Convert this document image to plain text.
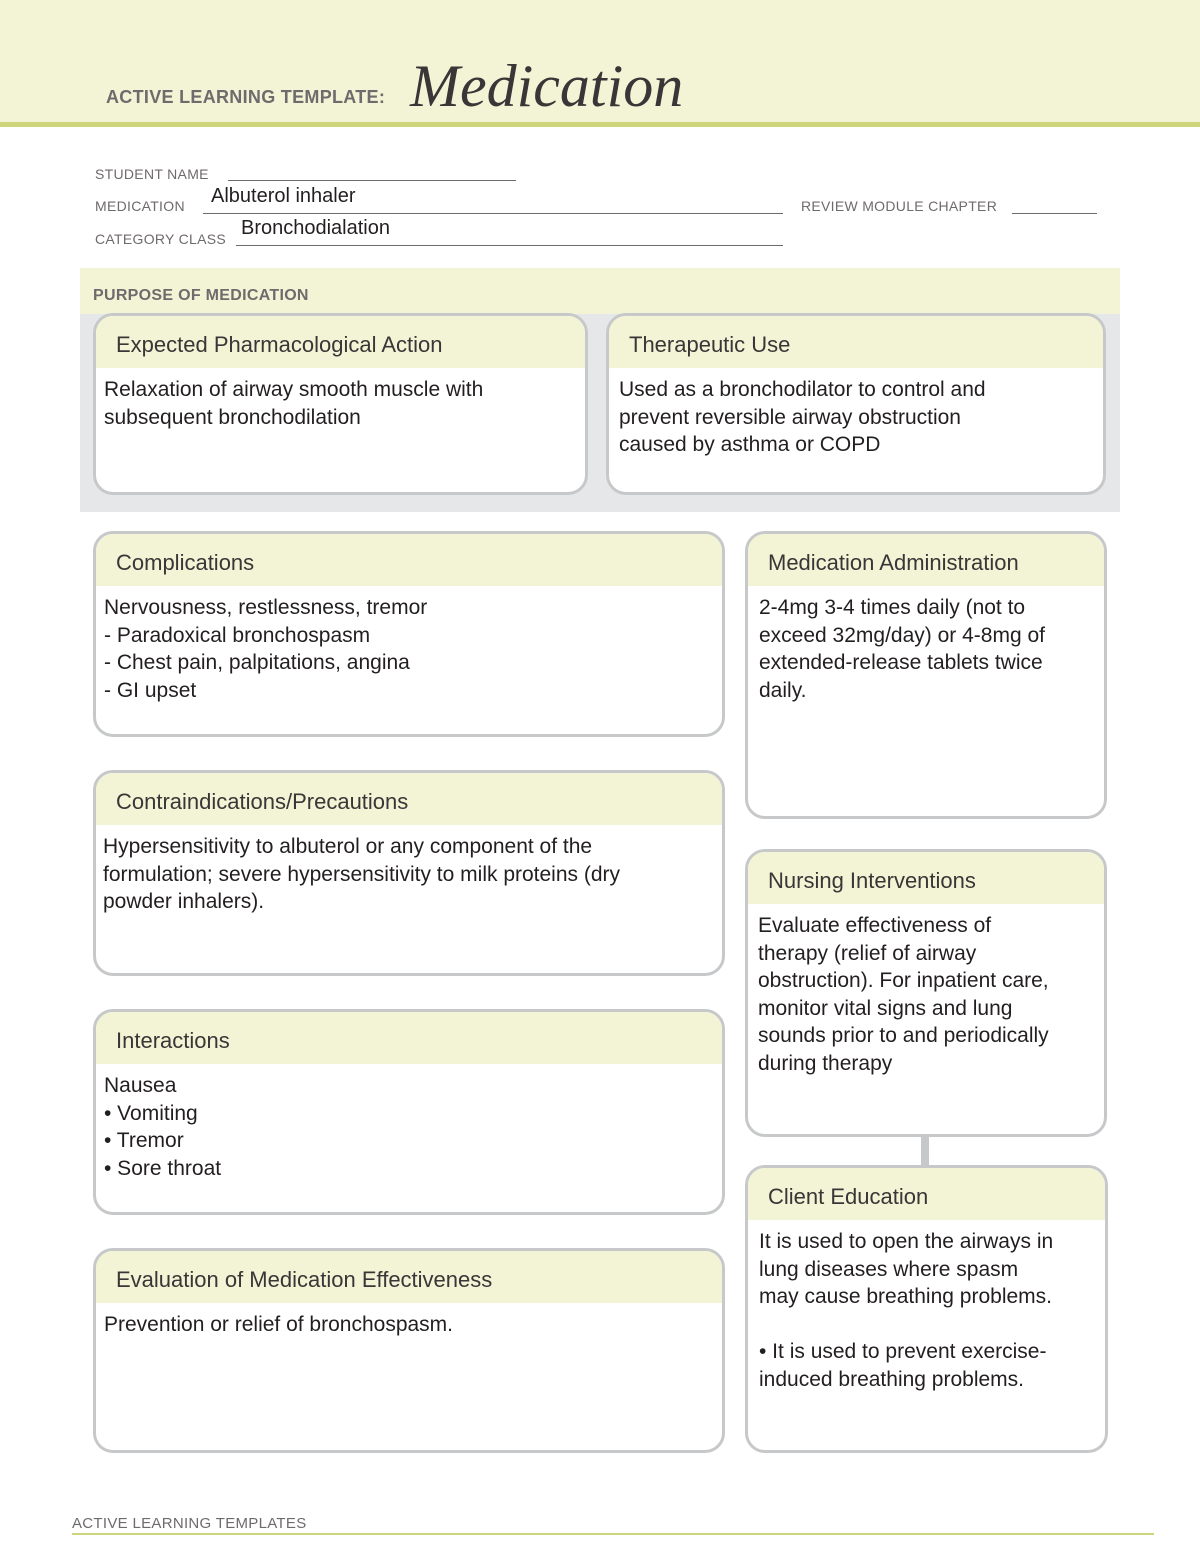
ACTIVE LEARNING TEMPLATE: Medication
STUDENT NAME
MEDICATION Albuterol inhaler	REVIEW MODULE CHAPTER
CATEGORY CLASS Bronchodialation
PURPOSE OF MEDICATION
Expected Pharmacological Action
Relaxation of airway smooth muscle with
subsequent bronchodilation
Therapeutic Use
Used as a bronchodilator to control and
prevent reversible airway obstruction
caused by asthma or COPD
Complications
Nervousness, restlessness, tremor
- Paradoxical bronchospasm
- Chest pain, palpitations, angina
- GI upset
Contraindications/Precautions
Hypersensitivity to albuterol or any component of the
formulation; severe hypersensitivity to milk proteins (dry
powder inhalers).
Interactions
Nausea
• Vomiting
• Tremor
• Sore throat
Evaluation of Medication Effectiveness
Prevention or relief of bronchospasm.
Medication Administration
2-4mg 3-4 times daily (not to
exceed 32mg/day) or 4-8mg of
extended-release tablets twice
daily.
Nursing Interventions
Evaluate effectiveness of
therapy (relief of airway
obstruction). For inpatient care,
monitor vital signs and lung
sounds prior to and periodically
during therapy
Client Education
It is used to open the airways in
lung diseases where spasm
may cause breathing problems.

• It is used to prevent exercise-
induced breathing problems.
ACTIVE LEARNING TEMPLATES
